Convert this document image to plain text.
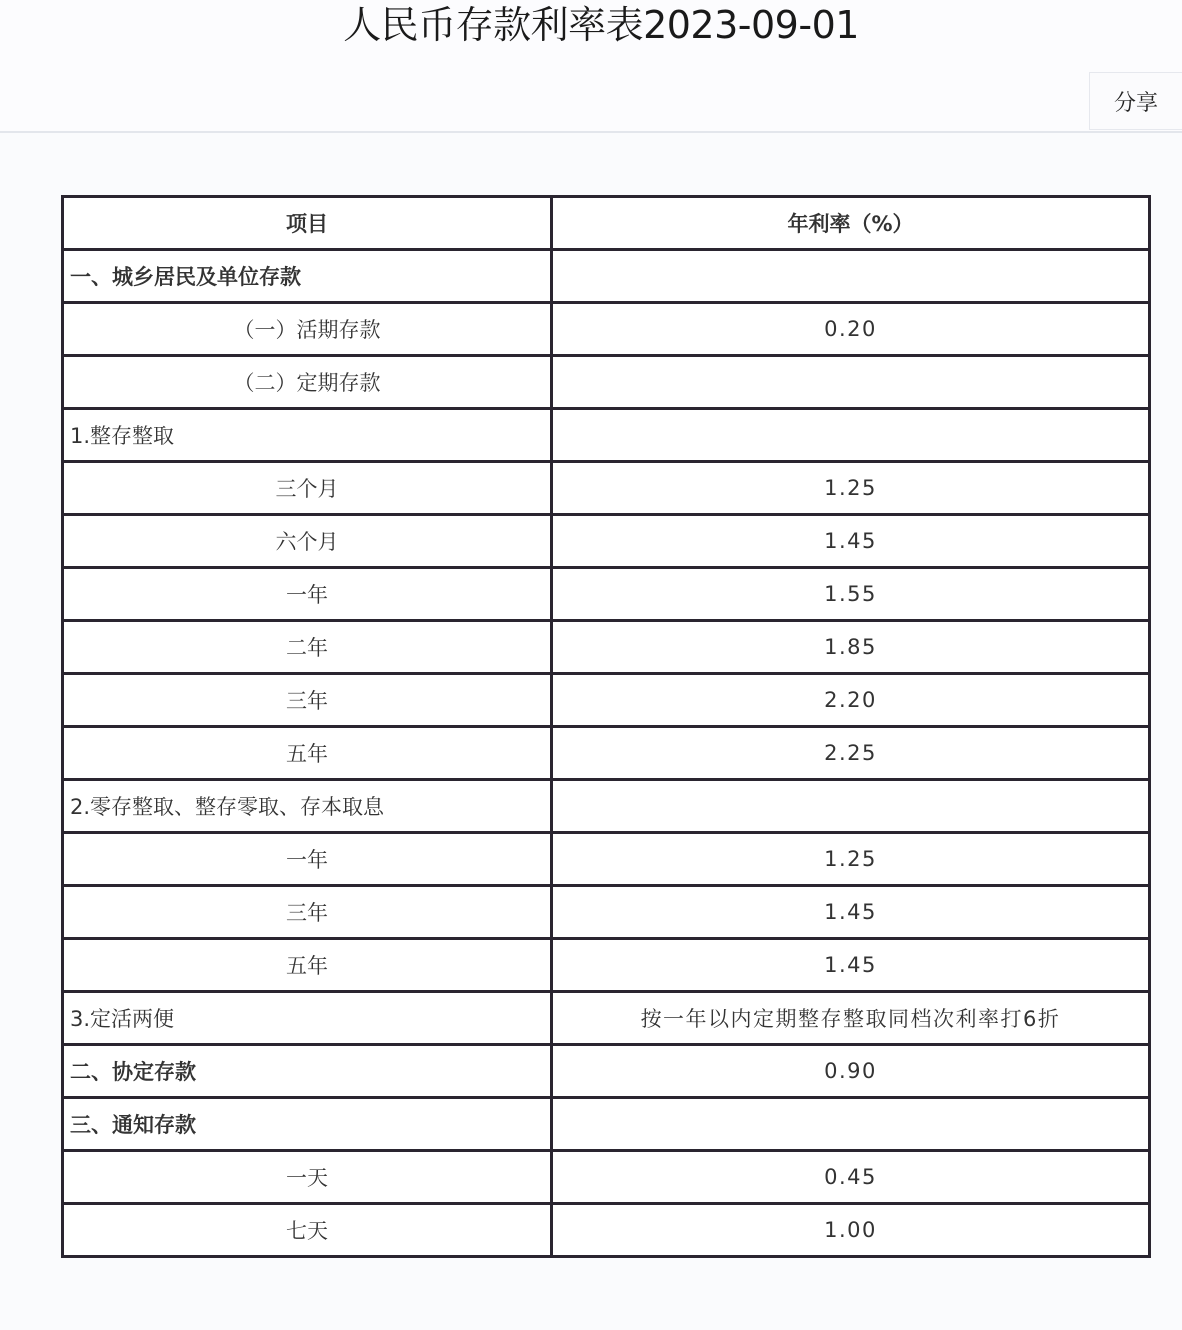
人民币存款利率表2023-09-01
分享
项目	年利率（%）
一、城乡居民及单位存款	
（一）活期存款	0.20
（二）定期存款	
1.整存整取	
三个月	1.25
六个月	1.45
一年	1.55
二年	1.85
三年	2.20
五年	2.25
2.零存整取、整存零取、存本取息	
一年	1.25
三年	1.45
五年	1.45
3.定活两便	按一年以内定期整存整取同档次利率打6折
二、协定存款	0.90
三、通知存款	
一天	0.45
七天	1.00
